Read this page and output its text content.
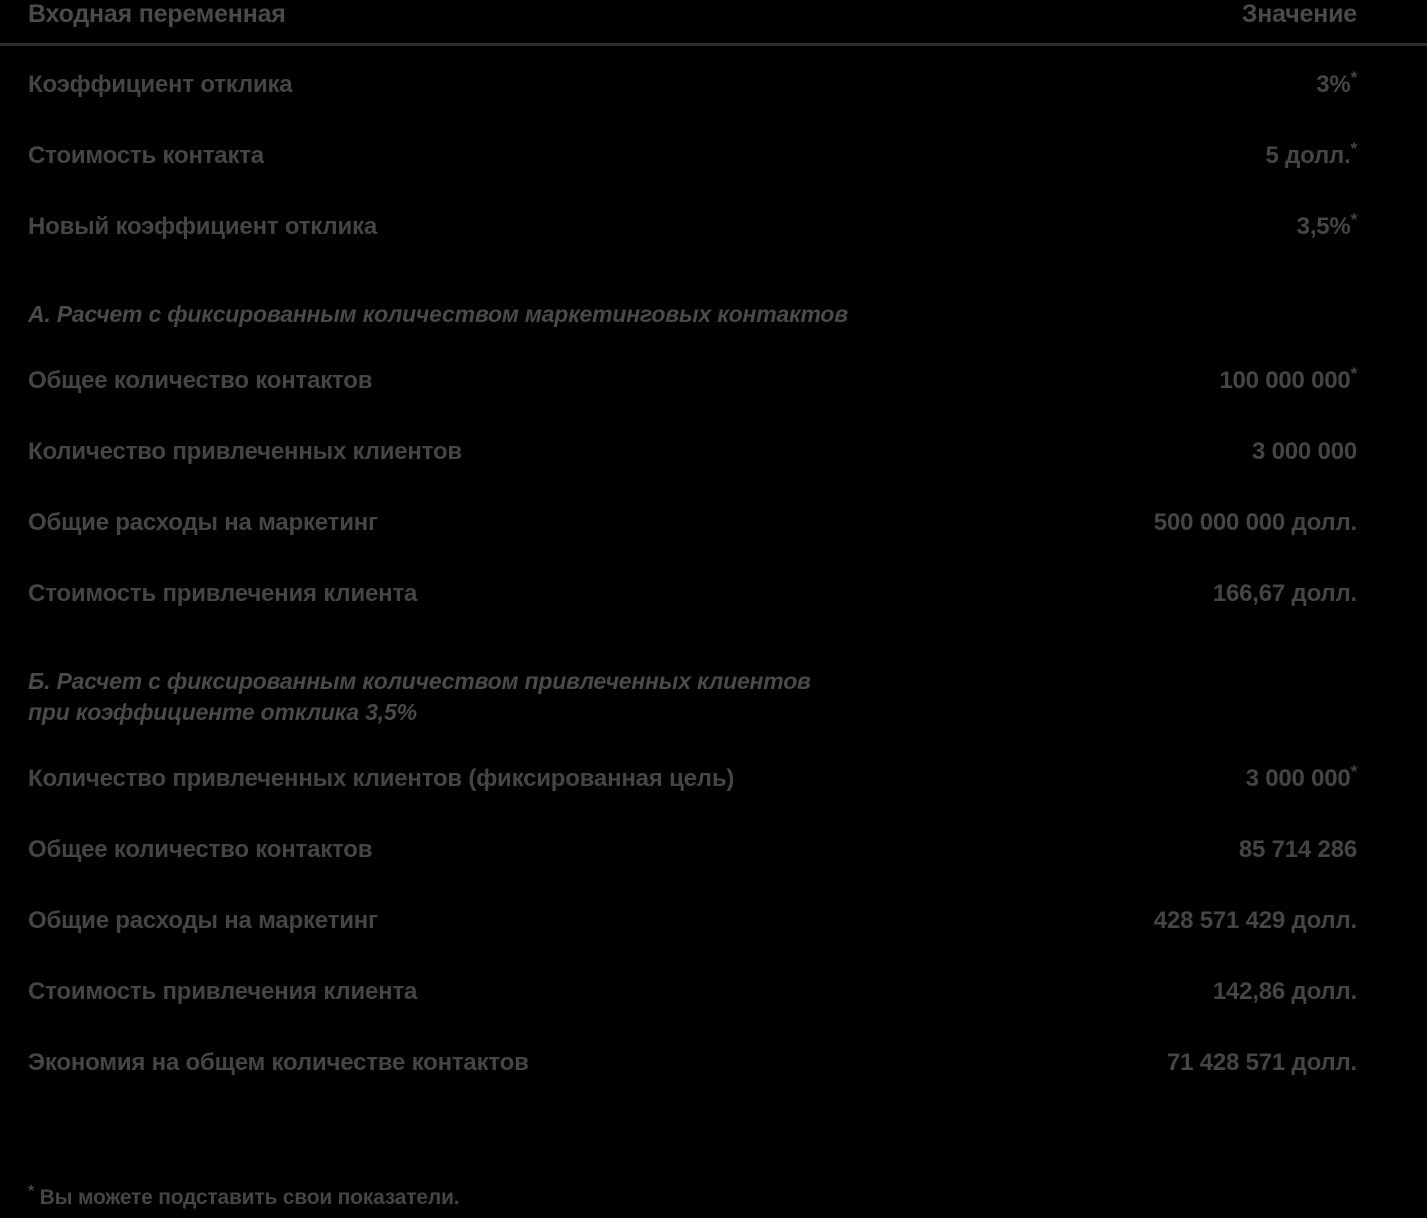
Входная переменная	Значение

Коэффициент отклика	3%*
Стоимость контакта	5 долл.*
Новый коэффициент отклика	3,5%*
А. Расчет с фиксированным количеством маркетинговых контактов	
Общее количество контактов	100 000 000*
Количество привлеченных клиентов	3 000 000
Общие расходы на маркетинг	500 000 000 долл.
Стоимость привлечения клиента	166,67 долл.
Б. Расчет с фиксированным количеством привлеченных клиентов
при коэффициенте отклика 3,5%	

Количество привлеченных клиентов (фиксированная цель)	3 000 000*
Общее количество контактов	85 714 286
Общие расходы на маркетинг	428 571 429 долл.
Стоимость привлечения клиента	142,86 долл.
Экономия на общем количестве контактов	71 428 571 долл.

* Вы можете подставить свои показатели.
